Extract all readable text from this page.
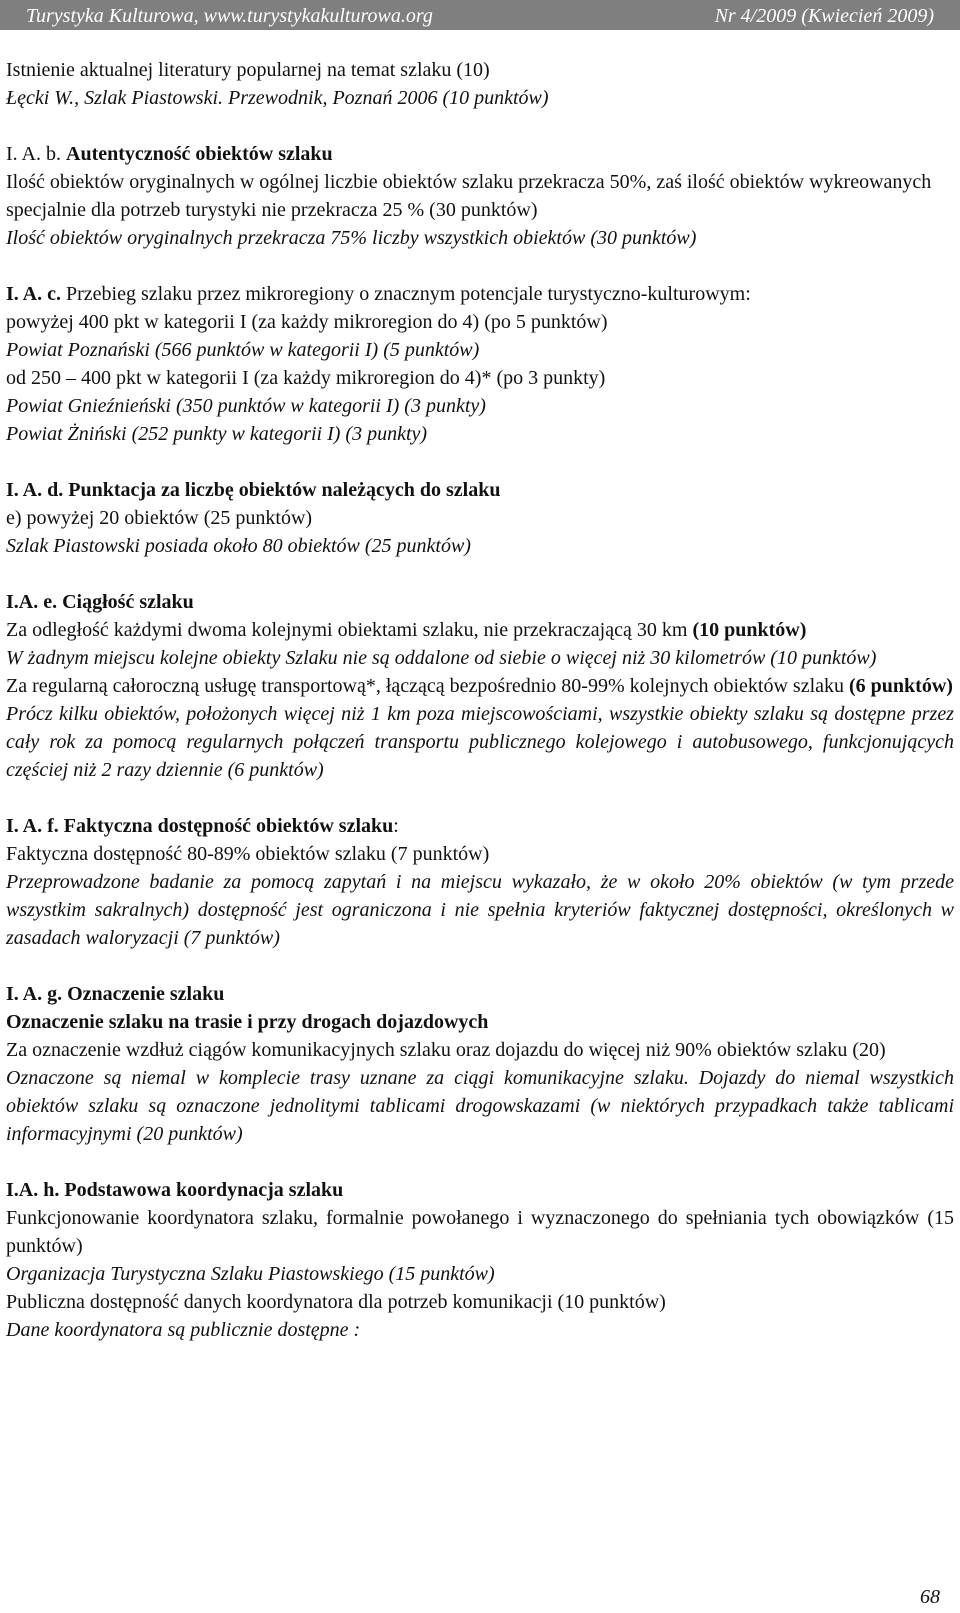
Turystyka Kulturowa, www.turystykakulturowa.org	Nr 4/2009 (Kwiecień 2009)
Istnienie aktualnej literatury popularnej na temat szlaku (10)
Łęcki W., Szlak Piastowski. Przewodnik, Poznań 2006 (10 punktów)
I. A. b. Autentyczność obiektów szlaku
Ilość obiektów oryginalnych w ogólnej liczbie obiektów szlaku przekracza 50%, zaś ilość obiektów wykreowanych specjalnie dla potrzeb turystyki nie przekracza 25 % (30 punktów)
Ilość obiektów oryginalnych przekracza 75% liczby wszystkich obiektów (30 punktów)
I. A. c. Przebieg szlaku przez mikroregiony o znacznym potencjale turystyczno-kulturowym:
powyżej 400 pkt w kategorii I (za każdy mikroregion do 4) (po 5 punktów)
Powiat Poznański (566 punktów w kategorii I) (5 punktów)
od 250 – 400 pkt w kategorii I (za każdy mikroregion do 4)* (po 3 punkty)
Powiat Gnieźnieński (350 punktów w kategorii I) (3 punkty)
Powiat Żniński (252 punkty w kategorii I) (3 punkty)
I. A. d. Punktacja za liczbę obiektów należących do szlaku
e) powyżej 20 obiektów (25 punktów)
Szlak Piastowski posiada około 80 obiektów (25 punktów)
I.A. e. Ciągłość szlaku
Za odległość każdymi dwoma kolejnymi obiektami szlaku, nie przekraczającą 30 km (10 punktów)
W żadnym miejscu kolejne obiekty Szlaku nie są oddalone od siebie o więcej niż 30 kilometrów (10 punktów)
Za regularną całoroczną usługę transportową*, łączącą bezpośrednio 80-99% kolejnych obiektów szlaku (6 punktów)
Prócz kilku obiektów, położonych więcej niż 1 km poza miejscowościami, wszystkie obiekty szlaku są dostępne przez cały rok za pomocą regularnych połączeń transportu publicznego kolejowego i autobusowego, funkcjonujących częściej niż 2 razy dziennie (6 punktów)
I. A. f. Faktyczna dostępność obiektów szlaku:
Faktyczna dostępność 80-89% obiektów szlaku (7 punktów)
Przeprowadzone badanie za pomocą zapytań i na miejscu wykazało, że w około 20% obiektów (w tym przede wszystkim sakralnych) dostępność jest ograniczona i nie spełnia kryteriów faktycznej dostępności, określonych w zasadach waloryzacji (7 punktów)
I. A. g. Oznaczenie szlaku
Oznaczenie szlaku na trasie i przy drogach dojazdowych
Za oznaczenie wzdłuż ciągów komunikacyjnych szlaku oraz dojazdu do więcej niż 90% obiektów szlaku (20)
Oznaczone są niemal w komplecie trasy uznane za ciągi komunikacyjne szlaku. Dojazdy do niemal wszystkich obiektów szlaku są oznaczone jednolitymi tablicami drogowskazami (w niektórych przypadkach także tablicami informacyjnymi (20 punktów)
I.A. h. Podstawowa koordynacja szlaku
Funkcjonowanie koordynatora szlaku, formalnie powołanego i wyznaczonego do spełniania tych obowiązków (15 punktów)
Organizacja Turystyczna Szlaku Piastowskiego (15 punktów)
Publiczna dostępność danych koordynatora dla potrzeb komunikacji (10 punktów)
Dane koordynatora są publicznie dostępne :
68
